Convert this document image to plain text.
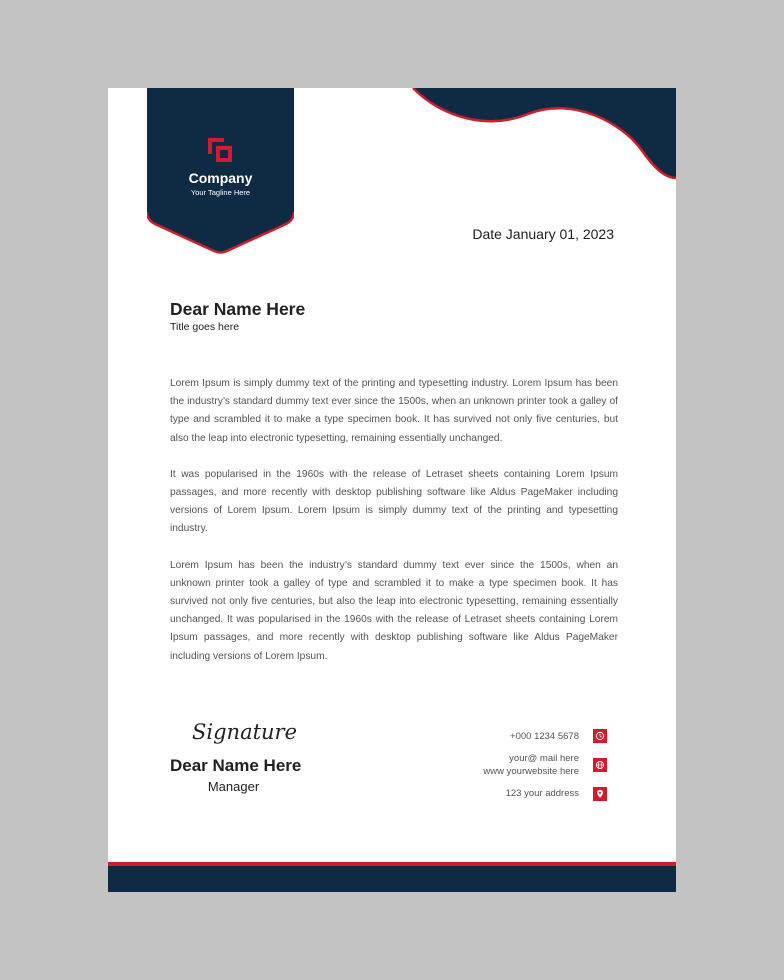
Company
Your Tagline Here
Date January 01, 2023
Dear Name Here
Title goes here

Lorem Ipsum is simply dummy text of the printing and typesetting industry. Lorem Ipsum has been the industry’s standard dummy text ever since the 1500s, when an unknown printer took a galley of type and scrambled it to make a type specimen book. It has survived not only five centuries, but also the leap into electronic typesetting, remaining essentially unchanged.

It was popularised in the 1960s with the release of Letraset sheets containing Lorem Ipsum passages, and more recently with desktop publishing software like Aldus PageMaker including versions of Lorem Ipsum. Lorem Ipsum is simply dummy text of the printing and typesetting industry.

Lorem Ipsum has been the industry’s standard dummy text ever since the 1500s, when an unknown printer took a galley of type and scrambled it to make a type specimen book. It has survived not only five centuries, but also the leap into electronic typesetting, remaining essentially unchanged. It was popularised in the 1960s with the release of Letraset sheets containing Lorem Ipsum passages, and more recently with desktop publishing software like Aldus PageMaker including versions of Lorem Ipsum.

Signature
Dear Name Here
Manager
+000 1234 5678
your@ mail here
www yourwebsite here
123 your address
